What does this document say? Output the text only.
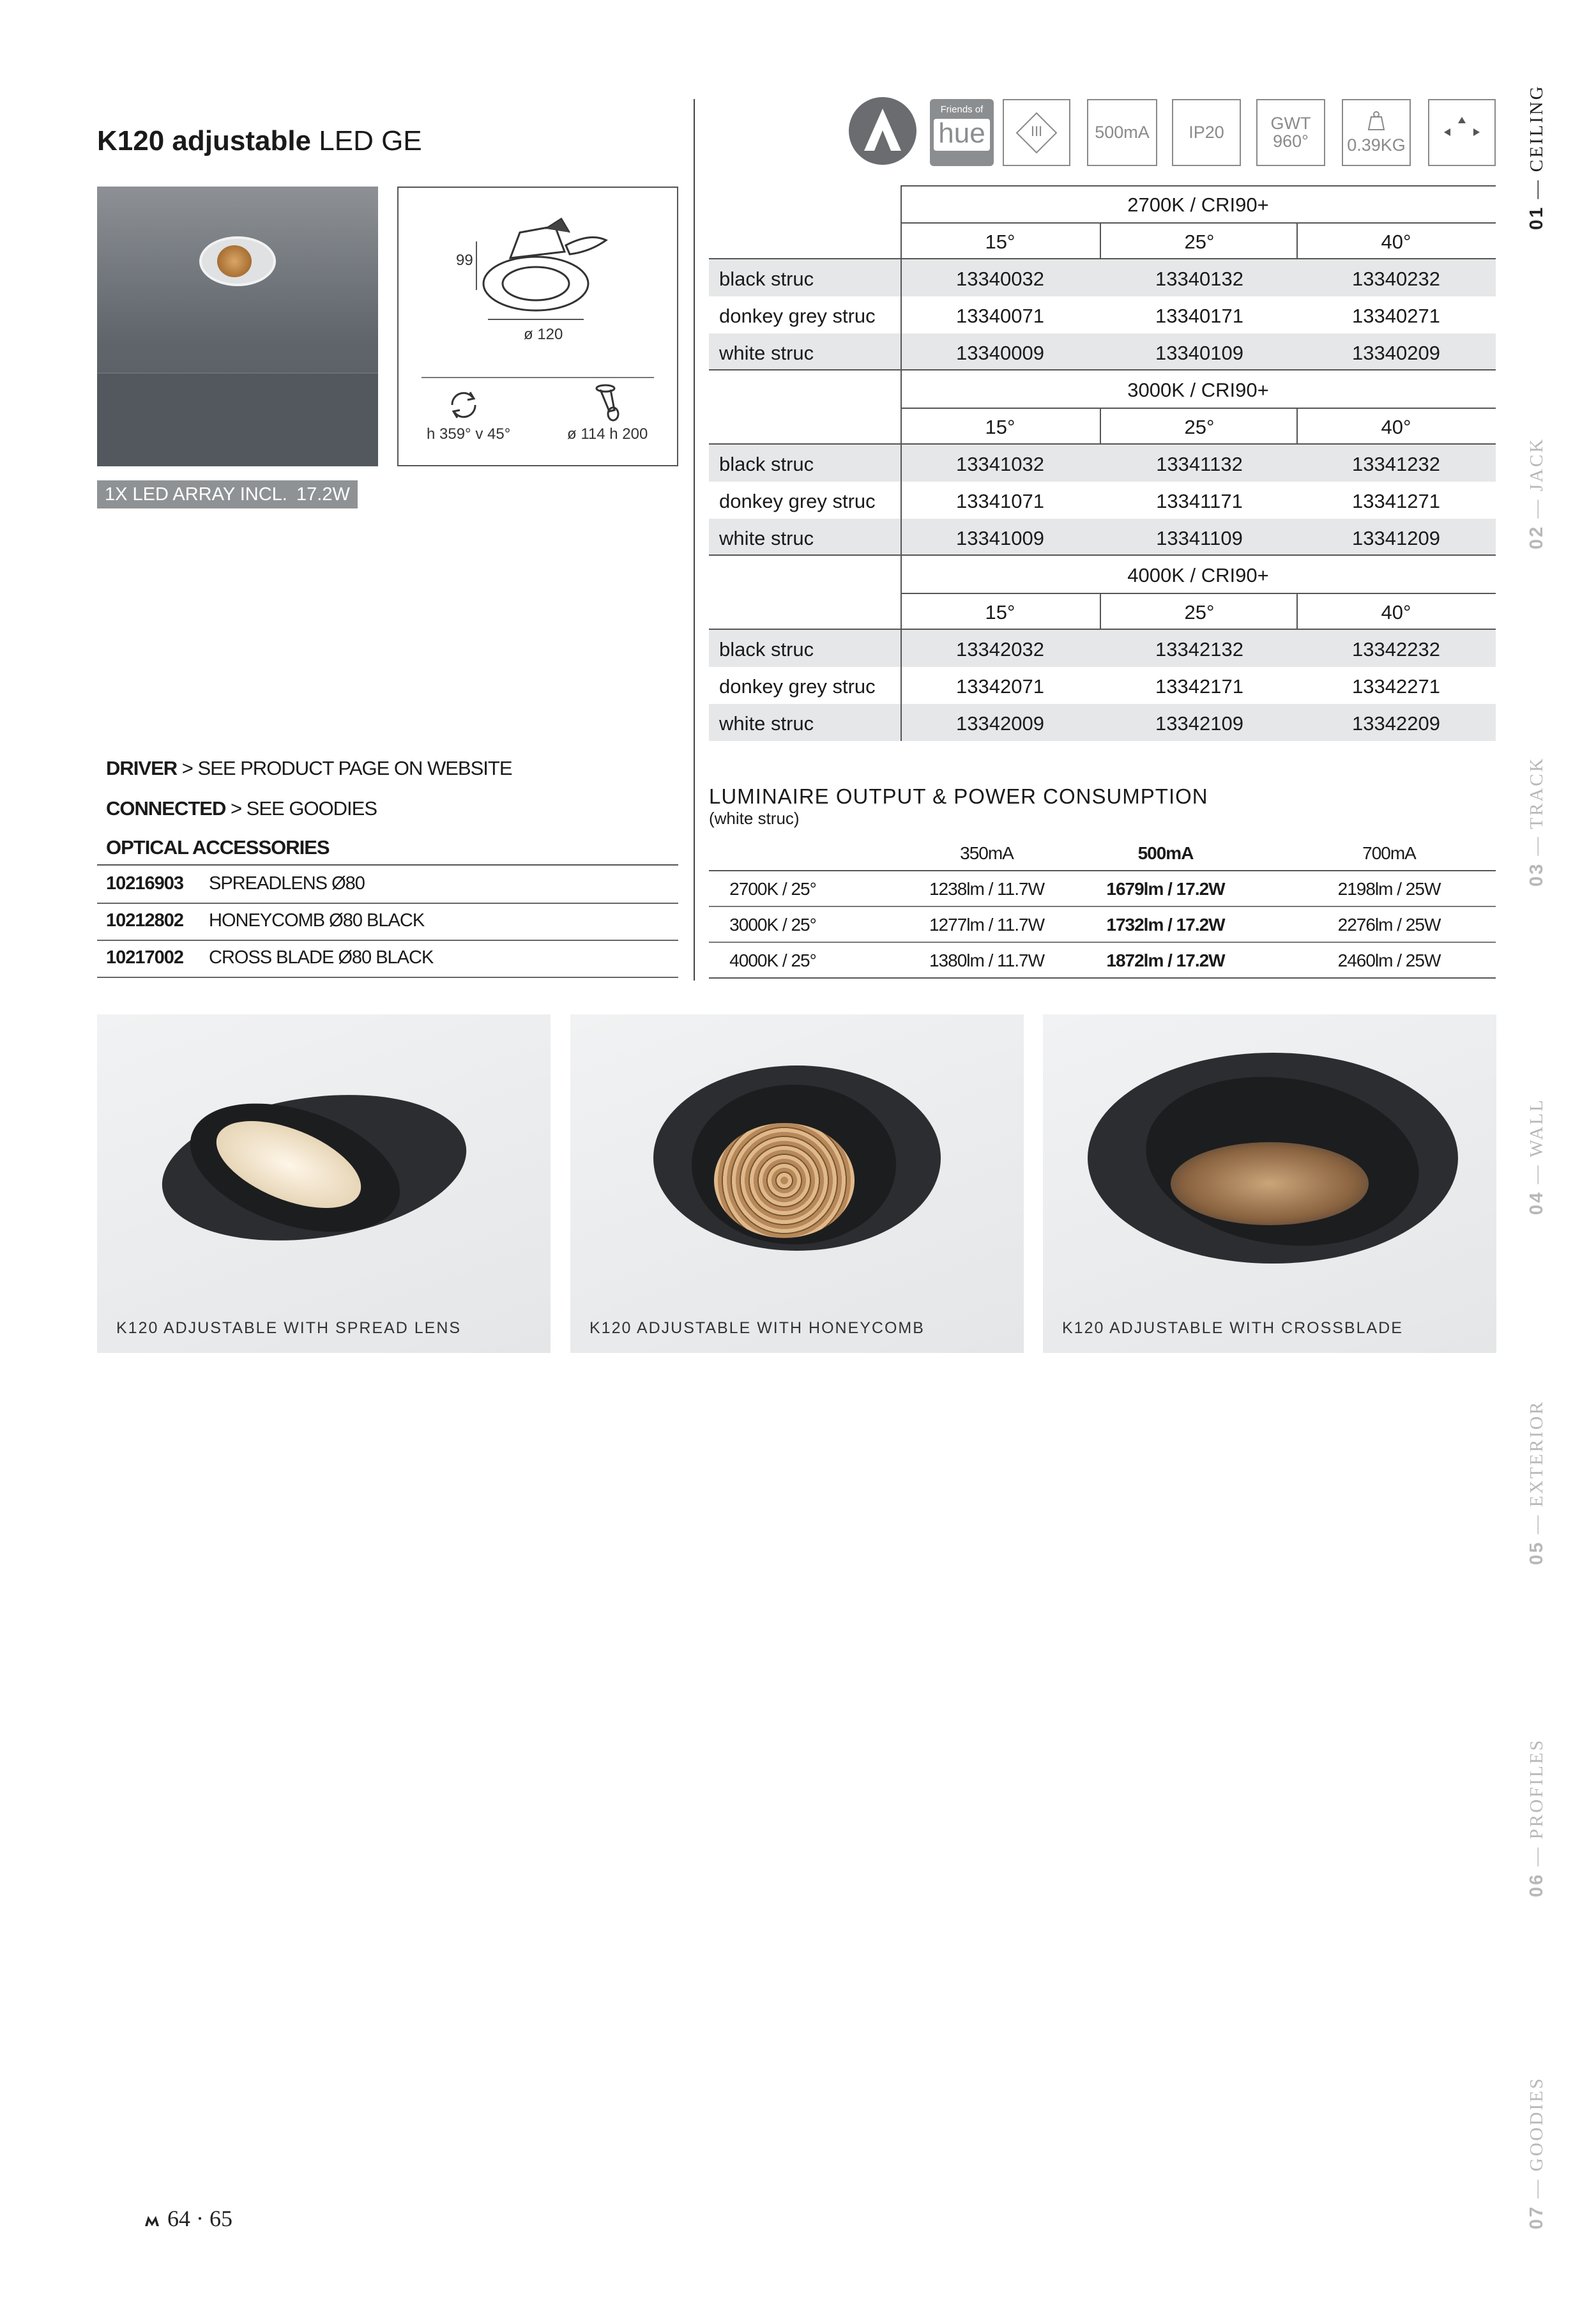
K120 adjustable LED GE
99
ø 120
h 359° v 45°	ø 114 h 200
1X LED ARRAY INCL. 17.2W
DRIVER > SEE PRODUCT PAGE ON WEBSITE
CONNECTED > SEE GOODIES
OPTICAL ACCESSORIES
10216903 SPREADLENS Ø80
10212802 HONEYCOMB Ø80 BLACK
10217002 CROSS BLADE Ø80 BLACK
Friends of
hue	III	500mA	IP20	GWT
960°	0.39KG
2700K / CRI90+
15°	25°	40°
black struc	13340032	13340132	13340232
donkey grey struc	13340071	13340171	13340271
white struc	13340009	13340109	13340209
3000K / CRI90+
15°	25°	40°
black struc	13341032	13341132	13341232
donkey grey struc	13341071	13341171	13341271
white struc	13341009	13341109	13341209
4000K / CRI90+
15°	25°	40°
black struc	13342032	13342132	13342232
donkey grey struc	13342071	13342171	13342271
white struc	13342009	13342109	13342209
LUMINAIRE OUTPUT & POWER CONSUMPTION
(white struc)
350mA	500mA	700mA
2700K / 25°	1238lm / 11.7W	1679lm / 17.2W	2198lm / 25W
3000K / 25°	1277lm / 11.7W	1732lm / 17.2W	2276lm / 25W
4000K / 25°	1380lm / 11.7W	1872lm / 17.2W	2460lm / 25W
K120 ADJUSTABLE WITH SPREAD LENS	K120 ADJUSTABLE WITH HONEYCOMB	K120 ADJUSTABLE WITH CROSSBLADE
01 — CEILING
02 — JACK
03 — TRACK
04 — WALL
05 — EXTERIOR
06 — PROFILES
07 — GOODIES
64 · 65
